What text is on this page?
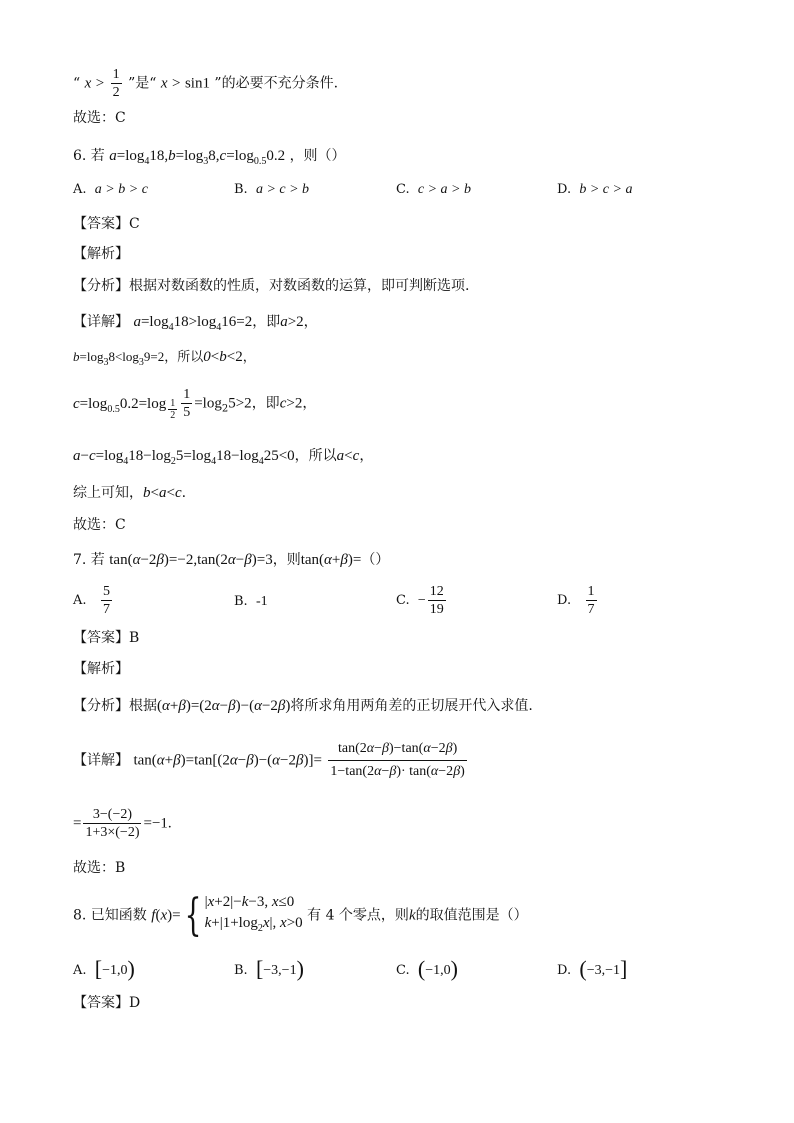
“ $x > \frac{1}{2}$ ”是“ x > sin1 ”的必要不充分条件.
故选：C
6. 若 $a=\log_418,b=\log_38,c=\log_{0.5}0.2$ ，则（）
A. a > b > c	B. a > c > b	C. c > a > b	D. b > c > a
【答案】C
【解析】
【分析】根据对数函数的性质，对数函数的运算，即可判断选项.
【详解】 $a=\log_418>\log_416=2$，即a>2，
$b=\log_38<\log_39=2$，所以0<b<2，
$c=\log_{0.5}0.2=\log \frac{1}{2} \frac{1}{5} =\log_25>2$，即c>2，
$a-c=\log_418-\log_25=\log_418-\log_425<0$，所以a<c，
综上可知，b<a<c.
故选：C
7. 若 tan(α−2β)=−2,tan(2α−β)=3，则tan(α+β)=（）
A. $\frac{5}{7}$	B. -1	C. − $\frac{12}{19}$	D. $\frac{1}{7}$
【答案】B
【解析】
【分析】根据(α+β)=(2α−β)−(α−2β)将所求角用两角差的正切展开代入求值.
【详解】 $\tan(\alpha+\beta)=\tan[(2\alpha-\beta)-(\alpha-2\beta)]= \frac{\tan(2\alpha-\beta)-\tan(\alpha-2\beta)}{1-\tan(2\alpha-\beta)\cdot \tan(\alpha-2\beta)}$
= $\frac{3-(-2)}{1+3\times(-2)} =-1$.
故选：B
8. 已知函数 f(x)={ |x+2|−k−3, x≤0
$k+|1+\log_2x|$, x>0 有 4 个零点，则k的取值范围是（）
A. [−1,0)	B. [−3,−1)	C. (−1,0)	D. (−3,−1]
【答案】D
